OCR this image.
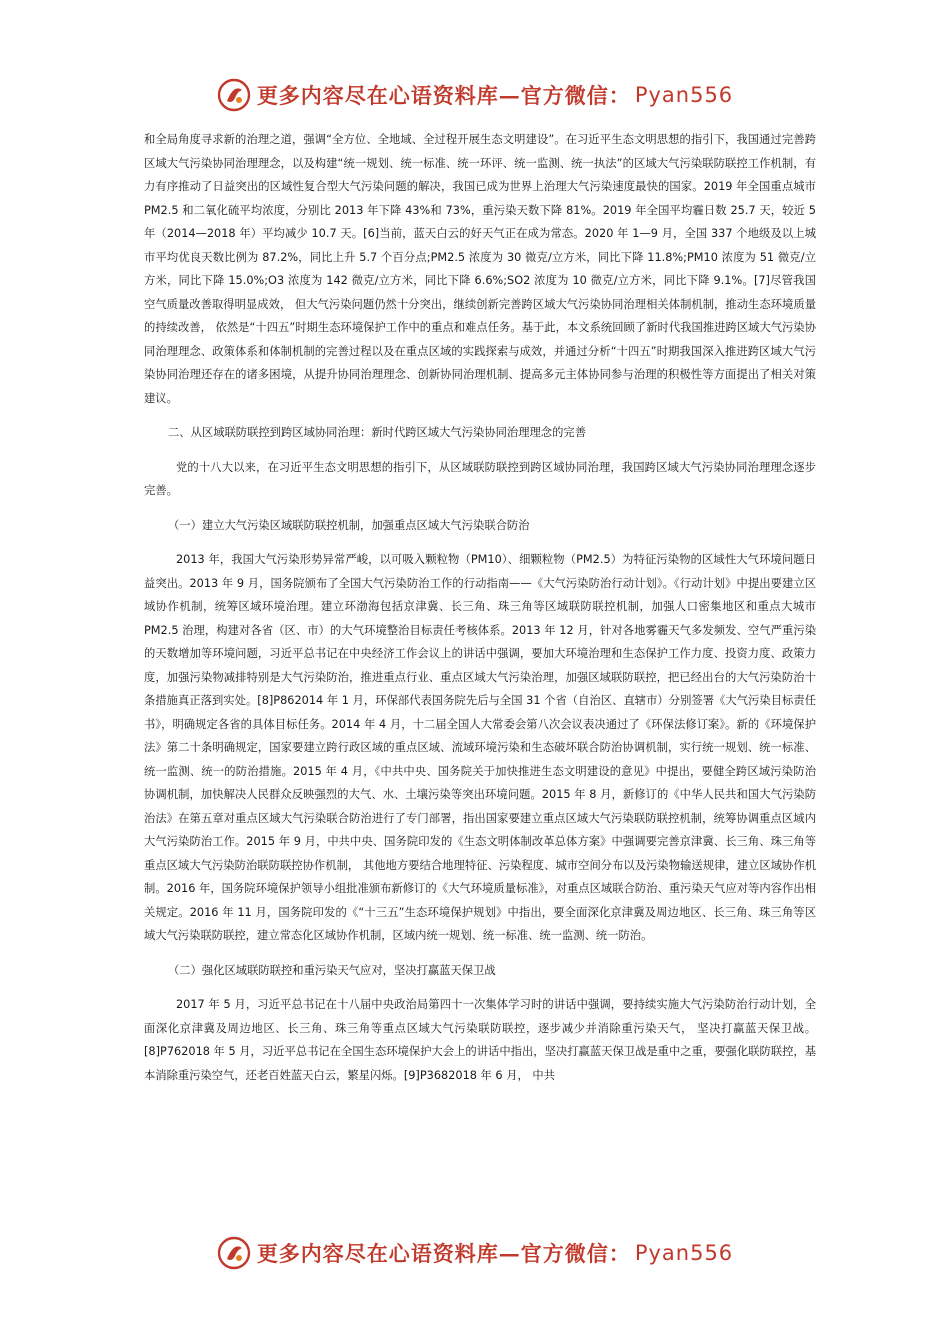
更多内容尽在心语资料库—官方微信： Pyan556

和全局角度寻求新的治理之道，强调“全方位、全地域、全过程开展生态文明建设”。在习近平生态文明思想的指引下，我国通过完善跨区域大气污染协同治理理念，以及构建“统一规划、统一标准、统一环评、统一监测、统一执法”的区域大气污染联防联控工作机制，有力有序推动了日益突出的区域性复合型大气污染问题的解决，我国已成为世界上治理大气污染速度最快的国家。2019 年全国重点城市 PM2.5 和二氧化硫平均浓度，分别比 2013 年下降 43%和 73%，重污染天数下降 81%。2019 年全国平均霾日数 25.7 天，较近 5 年（2014—2018 年）平均减少 10.7 天。[6]当前，蓝天白云的好天气正在成为常态。2020 年 1—9 月，全国 337 个地级及以上城市平均优良天数比例为 87.2%，同比上升 5.7 个百分点;PM2.5 浓度为 30 微克/立方米，同比下降 11.8%;PM10 浓度为 51 微克/立方米，同比下降 15.0%;O3 浓度为 142 微克/立方米，同比下降 6.6%;SO2 浓度为 10 微克/立方米，同比下降 9.1%。[7]尽管我国空气质量改善取得明显成效， 但大气污染问题仍然十分突出，继续创新完善跨区域大气污染协同治理相关体制机制，推动生态环境质量的持续改善， 依然是“十四五”时期生态环境保护工作中的重点和难点任务。基于此，本文系统回顾了新时代我国推进跨区域大气污染协同治理理念、政策体系和体制机制的完善过程以及在重点区域的实践探索与成效，并通过分析“十四五”时期我国深入推进跨区域大气污染协同治理还存在的诸多困境，从提升协同治理理念、创新协同治理机制、提高多元主体协同参与治理的积极性等方面提出了相关对策建议。

二、从区域联防联控到跨区域协同治理：新时代跨区域大气污染协同治理理念的完善

党的十八大以来，在习近平生态文明思想的指引下，从区域联防联控到跨区域协同治理，我国跨区域大气污染协同治理理念逐步完善。

（一）建立大气污染区域联防联控机制，加强重点区域大气污染联合防治

2013 年，我国大气污染形势异常严峻，以可吸入颗粒物（PM10）、细颗粒物（PM2.5）为特征污染物的区域性大气环境问题日益突出。2013 年 9 月，国务院颁布了全国大气污染防治工作的行动指南——《大气污染防治行动计划》。《行动计划》中提出要建立区域协作机制，统筹区域环境治理。建立环渤海包括京津冀、长三角、珠三角等区域联防联控机制，加强人口密集地区和重点大城市 PM2.5 治理，构建对各省（区、市）的大气环境整治目标责任考核体系。2013 年 12 月，针对各地雾霾天气多发频发、空气严重污染的天数增加等环境问题，习近平总书记在中央经济工作会议上的讲话中强调，要加大环境治理和生态保护工作力度、投资力度、政策力度，加强污染物减排特别是大气污染防治，推进重点行业、重点区域大气污染治理，加强区域联防联控，把已经出台的大气污染防治十条措施真正落到实处。[8]P862014 年 1 月，环保部代表国务院先后与全国 31 个省（自治区、直辖市）分别签署《大气污染目标责任书》，明确规定各省的具体目标任务。2014 年 4 月，十二届全国人大常委会第八次会议表决通过了《环保法修订案》。新的《环境保护法》第二十条明确规定，国家要建立跨行政区域的重点区域、流域环境污染和生态破坏联合防治协调机制，实行统一规划、统一标准、统一监测、统一的防治措施。2015 年 4 月，《中共中央、国务院关于加快推进生态文明建设的意见》中提出，要健全跨区域污染防治协调机制，加快解决人民群众反映强烈的大气、水、土壤污染等突出环境问题。2015 年 8 月，新修订的《中华人民共和国大气污染防治法》在第五章对重点区域大气污染联合防治进行了专门部署，指出国家要建立重点区域大气污染联防联控机制，统筹协调重点区域内大气污染防治工作。2015 年 9 月，中共中央、国务院印发的《生态文明体制改革总体方案》中强调要完善京津冀、长三角、珠三角等重点区域大气污染防治联防联控协作机制， 其他地方要结合地理特征、污染程度、城市空间分布以及污染物输送规律，建立区域协作机制。2016 年，国务院环境保护领导小组批准颁布新修订的《大气环境质量标准》，对重点区域联合防治、重污染天气应对等内容作出相关规定。2016 年 11 月，国务院印发的《“十三五”生态环境保护规划》中指出，要全面深化京津冀及周边地区、长三角、珠三角等区域大气污染联防联控，建立常态化区域协作机制，区域内统一规划、统一标准、统一监测、统一防治。

（二）强化区域联防联控和重污染天气应对，坚决打赢蓝天保卫战

2017 年 5 月，习近平总书记在十八届中央政治局第四十一次集体学习时的讲话中强调，要持续实施大气污染防治行动计划，全面深化京津冀及周边地区、长三角、珠三角等重点区域大气污染联防联控，逐步减少并消除重污染天气， 坚决打赢蓝天保卫战。[8]P762018 年 5 月，习近平总书记在全国生态环境保护大会上的讲话中指出，坚决打赢蓝天保卫战是重中之重，要强化联防联控，基本消除重污染空气，还老百姓蓝天白云，繁星闪烁。[9]P3682018 年 6 月， 中共

更多内容尽在心语资料库—官方微信： Pyan556
